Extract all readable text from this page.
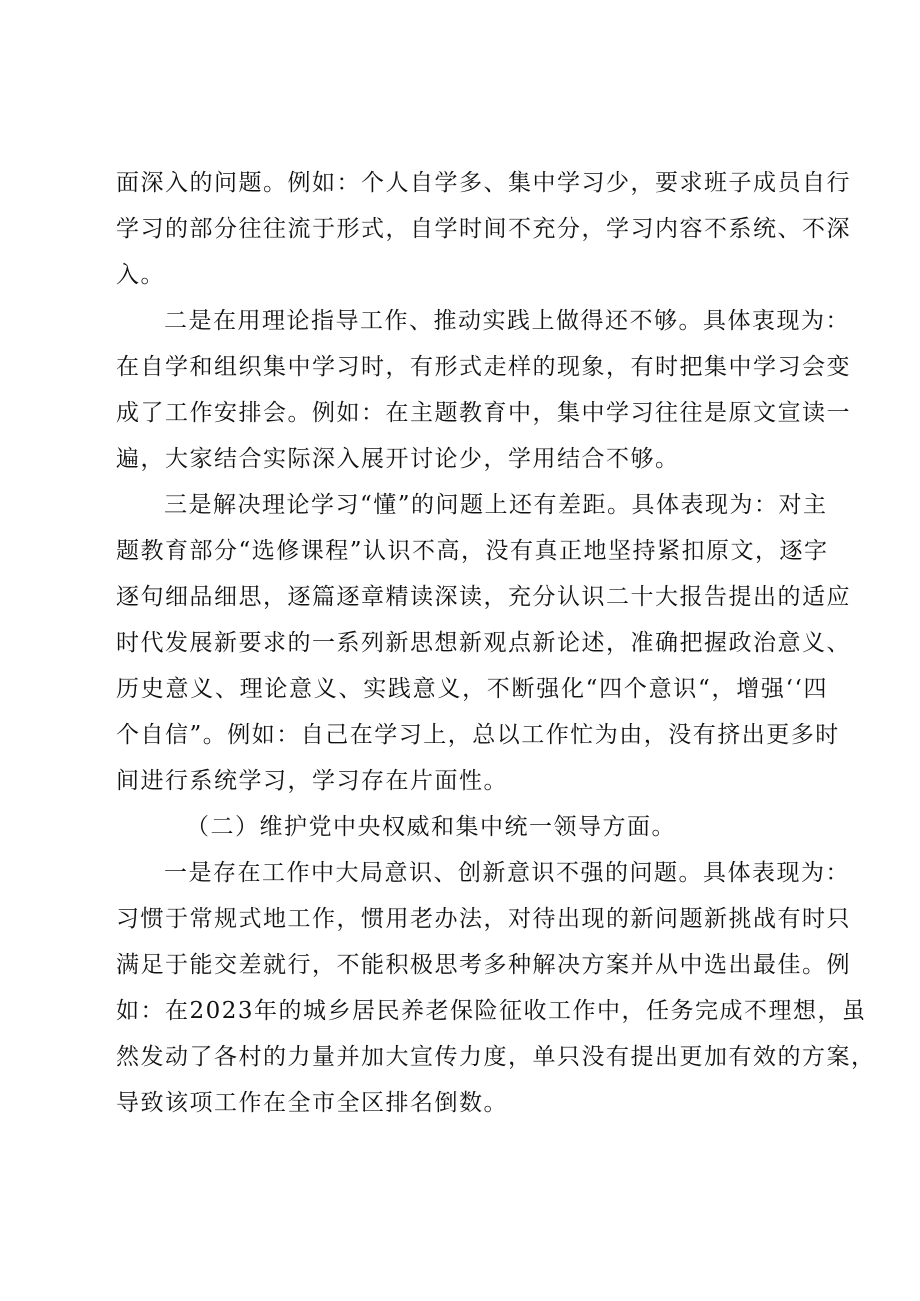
面深入的问题。例如：个人自学多、集中学习少，要求班子成员自行
学习的部分往往流于形式，自学时间不充分，学习内容不系统、不深
入。
二是在用理论指导工作、推动实践上做得还不够。具体衷现为：
在自学和组织集中学习时，有形式走样的现象，有时把集中学习会变
成了工作安排会。例如：在主题教育中，集中学习往往是原文宣读一
遍，大家结合实际深入展开讨论少，学用结合不够。
三是解决理论学习“懂”的问题上还有差距。具体表现为：对主
题教育部分“选修课程”认识不高，没有真正地坚持紧扣原文，逐字
逐句细品细思，逐篇逐章精读深读，充分认识二十大报告提出的适应
时代发展新要求的一系列新思想新观点新论述，准确把握政治意义、
历史意义、理论意义、实践意义，不断强化“四个意识“，增强‘‘四
个自信”。例如：自己在学习上，总以工作忙为由，没有挤出更多时
间进行系统学习，学习存在片面性。
（二）维护党中央权威和集中统一领导方面。
一是存在工作中大局意识、创新意识不强的问题。具体表现为：
习惯于常规式地工作，惯用老办法，对待出现的新问题新挑战有时只
满足于能交差就行，不能积极思考多种解决方案并从中选出最佳。例
如：在2023年的城乡居民养老保险征收工作中，任务完成不理想，虽
然发动了各村的力量并加大宣传力度，单只没有提出更加有效的方案，
导致该项工作在全市全区排名倒数。
